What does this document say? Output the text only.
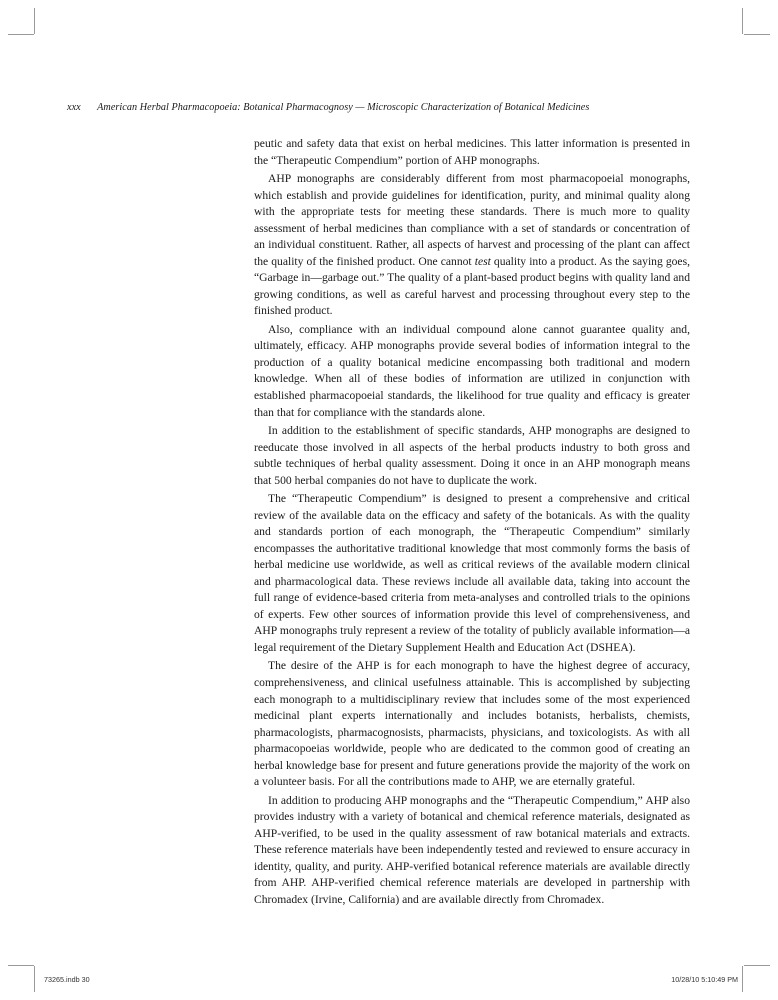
xxx American Herbal Pharmacopoeia: Botanical Pharmacognosy — Microscopic Characterization of Botanical Medicines

peutic and safety data that exist on herbal medicines. This latter information is presented in the “Therapeutic Compendium” portion of AHP monographs.

AHP monographs are considerably different from most pharmacopoeial monographs, which establish and provide guidelines for identification, purity, and minimal quality along with the appropriate tests for meeting these standards. There is much more to quality assessment of herbal medicines than compliance with a set of standards or concentration of an individual constituent. Rather, all aspects of harvest and processing of the plant can affect the quality of the finished product. One cannot test quality into a product. As the saying goes, “Garbage in—garbage out.” The quality of a plant-based product begins with quality land and growing conditions, as well as careful harvest and processing throughout every step to the finished product.

Also, compliance with an individual compound alone cannot guarantee quality and, ultimately, efficacy. AHP monographs provide several bodies of information integral to the production of a quality botanical medicine encompassing both traditional and modern knowledge. When all of these bodies of information are utilized in conjunction with established pharmacopoeial standards, the likelihood for true quality and efficacy is greater than that for compliance with the standards alone.

In addition to the establishment of specific standards, AHP monographs are designed to reeducate those involved in all aspects of the herbal products industry to both gross and subtle techniques of herbal quality assessment. Doing it once in an AHP monograph means that 500 herbal companies do not have to duplicate the work.

The “Therapeutic Compendium” is designed to present a comprehensive and critical review of the available data on the efficacy and safety of the botanicals. As with the quality and standards portion of each monograph, the “Therapeutic Compendium” similarly encompasses the authoritative traditional knowledge that most commonly forms the basis of herbal medicine use worldwide, as well as critical reviews of the available modern clinical and pharmacological data. These reviews include all available data, taking into account the full range of evidence-based criteria from meta-analyses and controlled trials to the opinions of experts. Few other sources of information provide this level of comprehensiveness, and AHP monographs truly represent a review of the totality of publicly available information—a legal requirement of the Dietary Supplement Health and Education Act (DSHEA).

The desire of the AHP is for each monograph to have the highest degree of accuracy, comprehensiveness, and clinical usefulness attainable. This is accomplished by subjecting each monograph to a multidisciplinary review that includes some of the most experienced medicinal plant experts internationally and includes botanists, herbalists, chemists, pharmacologists, pharmacognosists, pharmacists, physicians, and toxicologists. As with all pharmacopoeias worldwide, people who are dedicated to the common good of creating an herbal knowledge base for present and future generations provide the majority of the work on a volunteer basis. For all the contributions made to AHP, we are eternally grateful.

In addition to producing AHP monographs and the “Therapeutic Compendium,” AHP also provides industry with a variety of botanical and chemical reference materials, designated as AHP-verified, to be used in the quality assessment of raw botanical materials and extracts. These reference materials have been independently tested and reviewed to ensure accuracy in identity, quality, and purity. AHP-verified botanical reference materials are available directly from AHP. AHP-verified chemical reference materials are developed in partnership with Chromadex (Irvine, California) and are available directly from Chromadex.

73265.indb 30	10/28/10 5:10:49 PM
